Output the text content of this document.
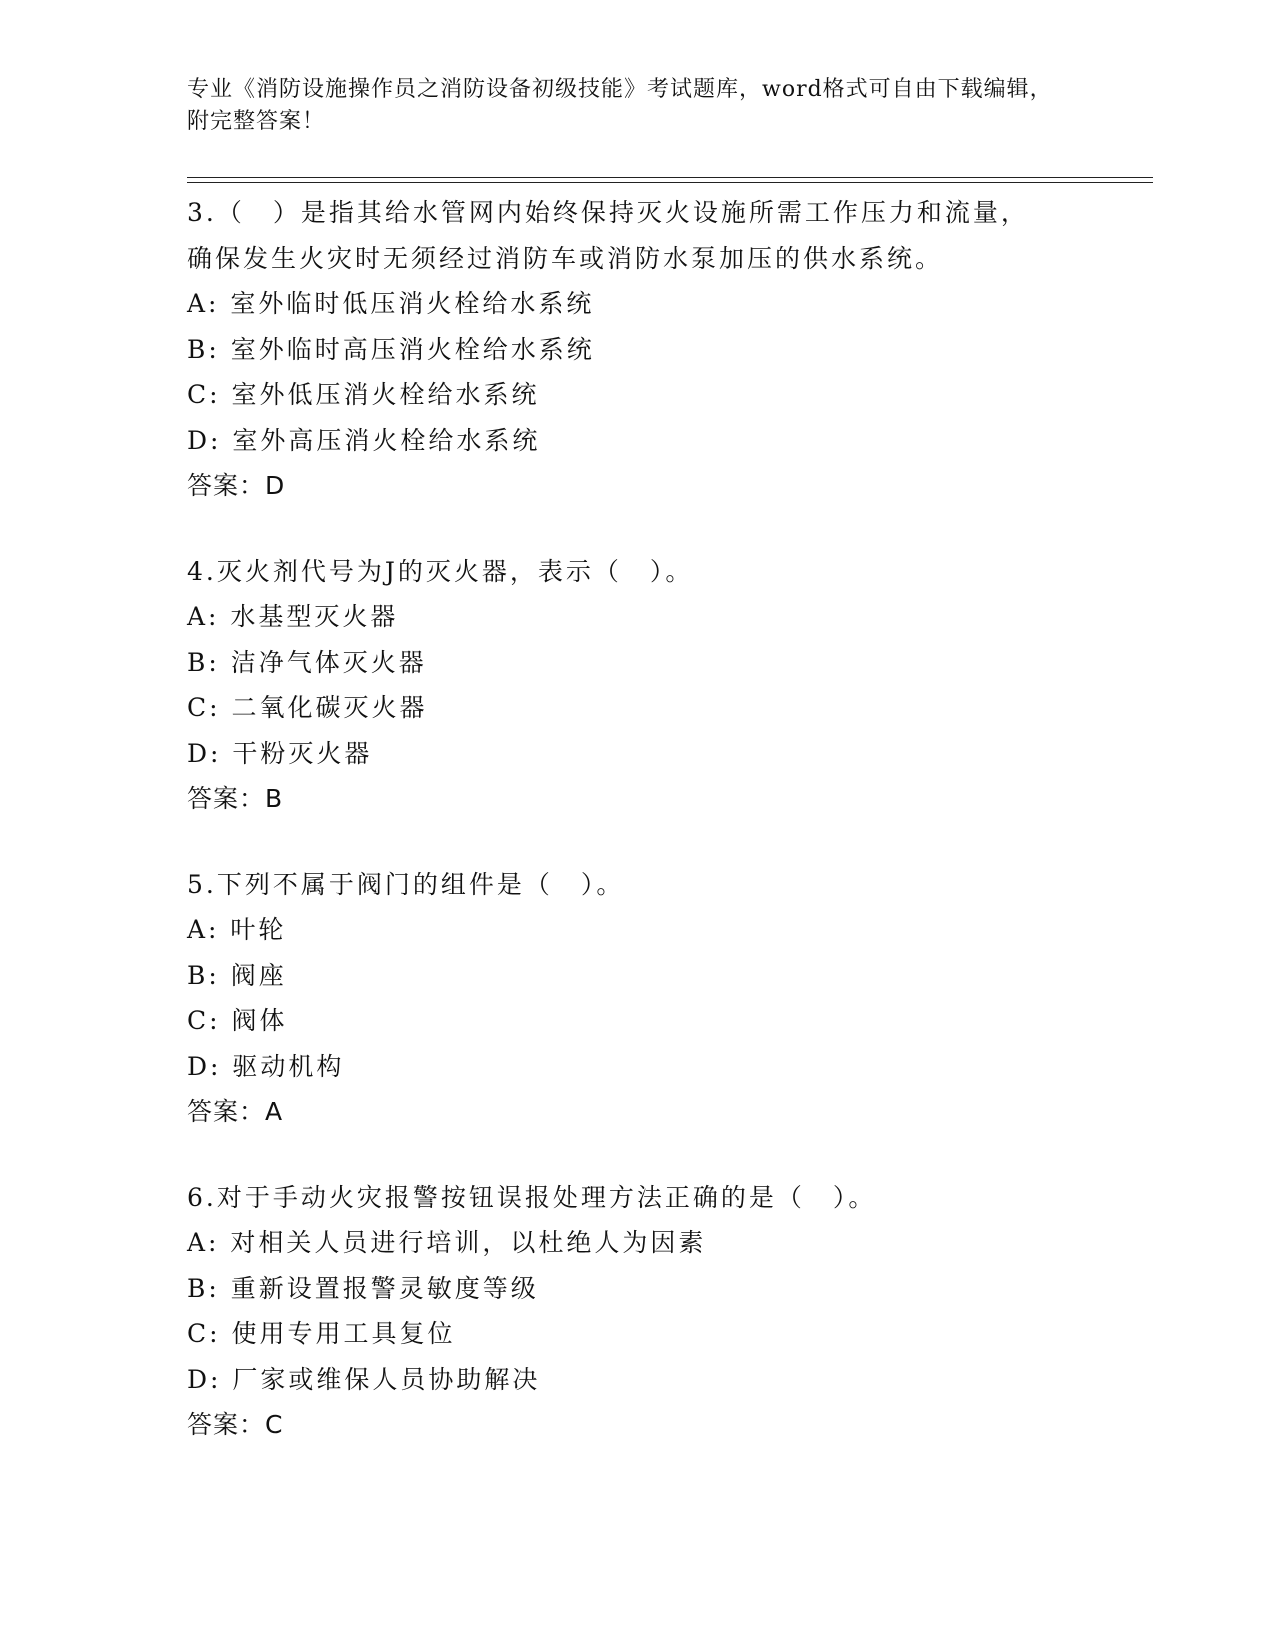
专业《消防设施操作员之消防设备初级技能》考试题库，word格式可自由下载编辑，附完整答案！
3.（　）是指其给水管网内始终保持灭火设施所需工作压力和流量，
确保发生火灾时无须经过消防车或消防水泵加压的供水系统。
A: 室外临时低压消火栓给水系统
B: 室外临时高压消火栓给水系统
C: 室外低压消火栓给水系统
D: 室外高压消火栓给水系统
答案：D
4.灭火剂代号为J的灭火器，表示（　）。
A: 水基型灭火器
B: 洁净气体灭火器
C: 二氧化碳灭火器
D: 干粉灭火器
答案：B
5.下列不属于阀门的组件是（　）。
A: 叶轮
B: 阀座
C: 阀体
D: 驱动机构
答案：A
6.对于手动火灾报警按钮误报处理方法正确的是（　）。
A: 对相关人员进行培训，以杜绝人为因素
B: 重新设置报警灵敏度等级
C: 使用专用工具复位
D: 厂家或维保人员协助解决
答案：C
